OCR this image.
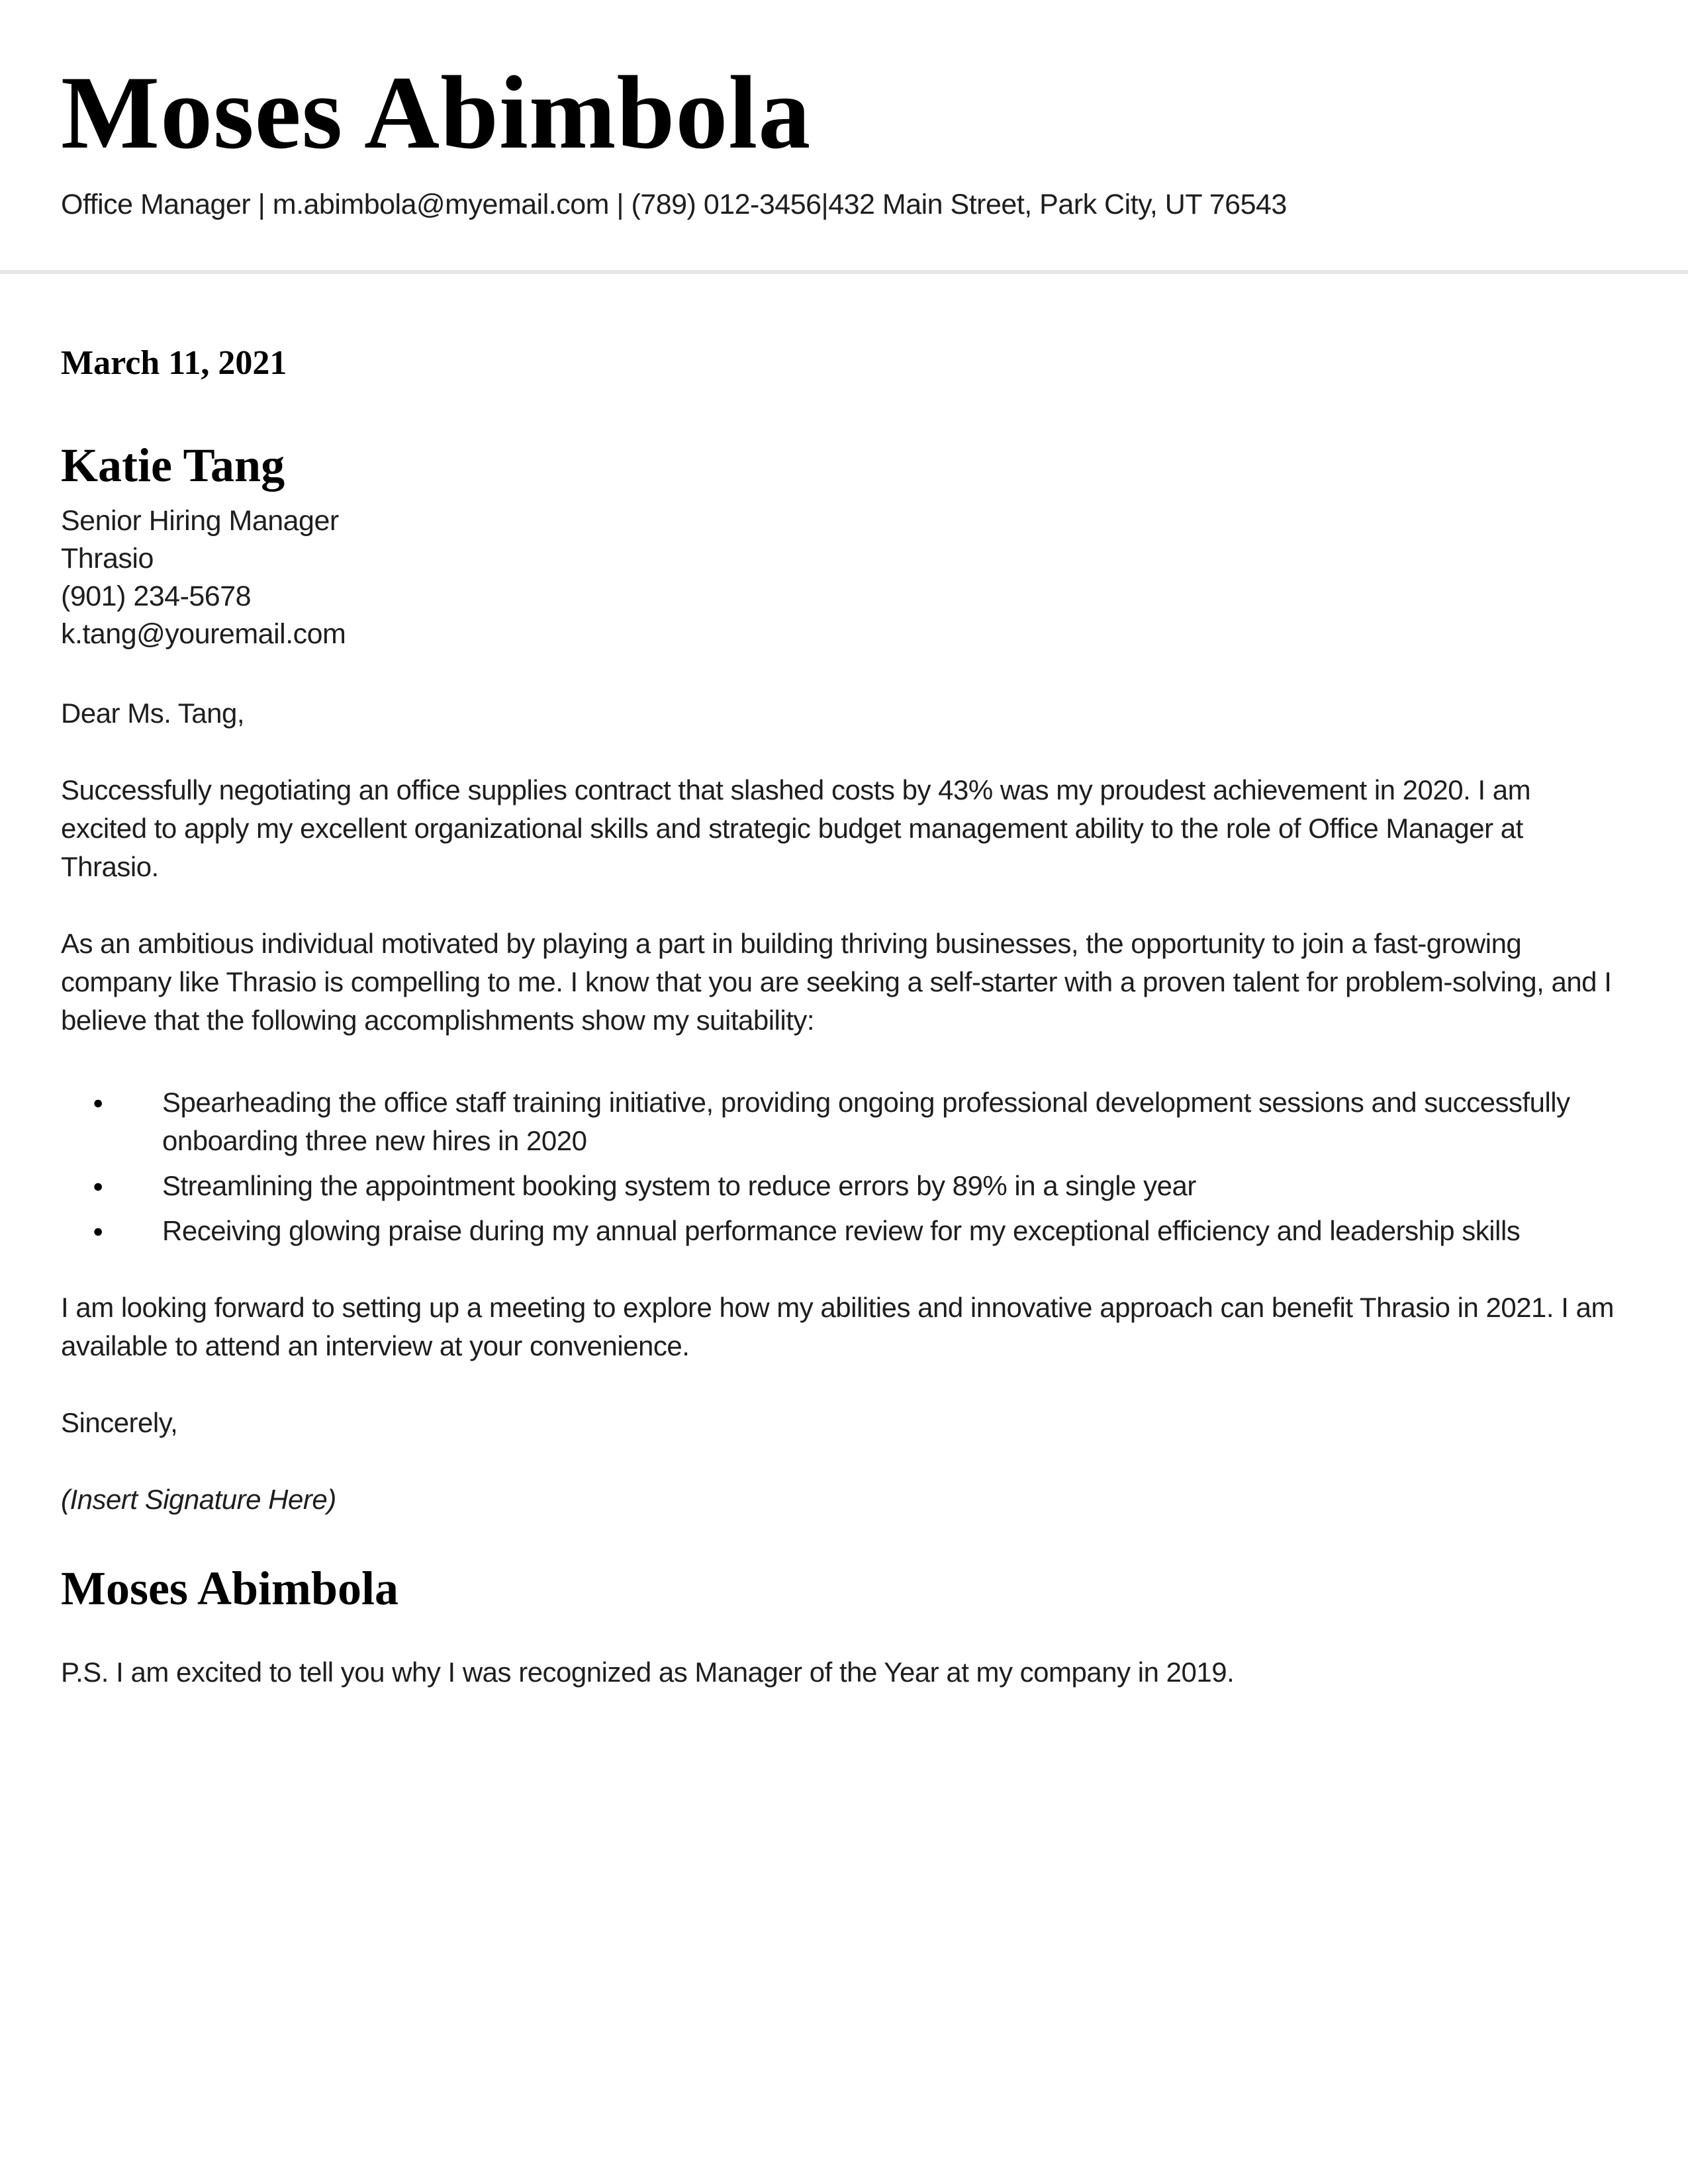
Moses Abimbola
Office Manager | m.abimbola@myemail.com | (789) 012-3456|432 Main Street, Park City, UT 76543
March 11, 2021
Katie Tang
Senior Hiring Manager
Thrasio
(901) 234-5678
k.tang@youremail.com

Dear Ms. Tang,

Successfully negotiating an office supplies contract that slashed costs by 43% was my proudest achievement in 2020. I am excited to apply my excellent organizational skills and strategic budget management ability to the role of Office Manager at Thrasio.

As an ambitious individual motivated by playing a part in building thriving businesses, the opportunity to join a fast-growing company like Thrasio is compelling to me. I know that you are seeking a self-starter with a proven talent for problem-solving, and I believe that the following accomplishments show my suitability:

● Spearheading the office staff training initiative, providing ongoing professional development sessions and successfully onboarding three new hires in 2020
● Streamlining the appointment booking system to reduce errors by 89% in a single year
● Receiving glowing praise during my annual performance review for my exceptional efficiency and leadership skills

I am looking forward to setting up a meeting to explore how my abilities and innovative approach can benefit Thrasio in 2021. I am available to attend an interview at your convenience.

Sincerely,

(Insert Signature Here)

Moses Abimbola

P.S. I am excited to tell you why I was recognized as Manager of the Year at my company in 2019.
